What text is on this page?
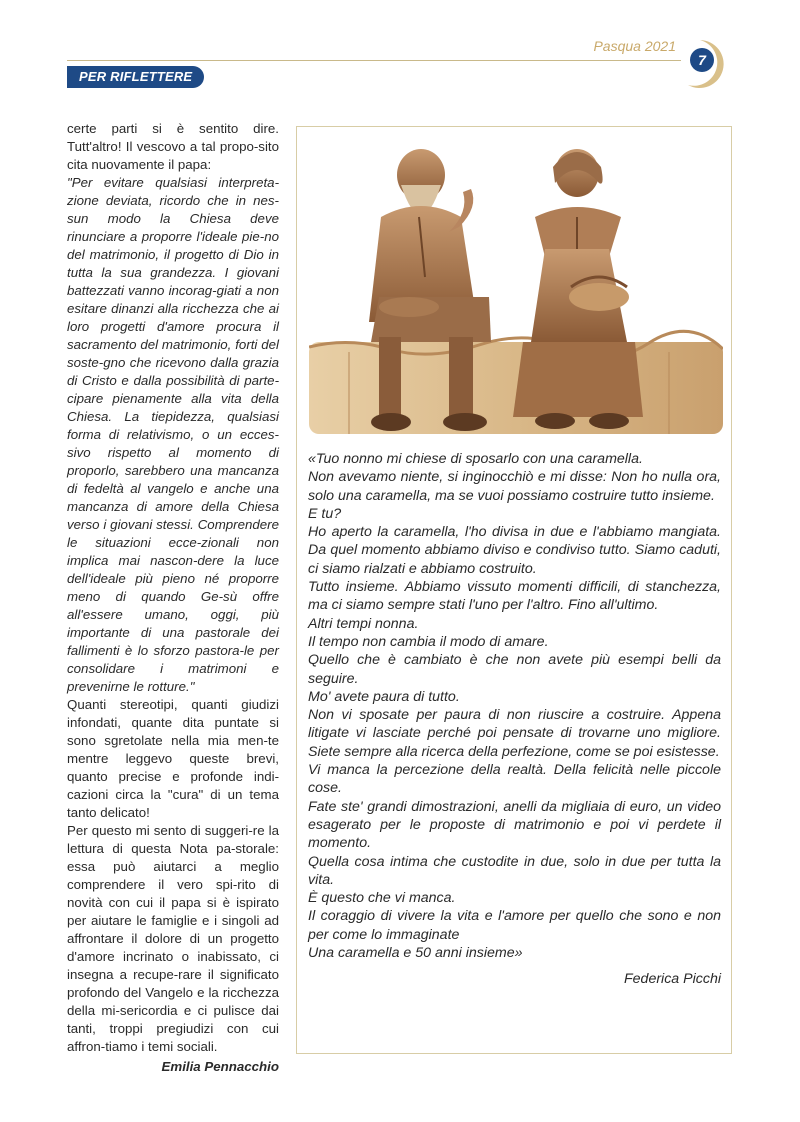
Pasqua 2021
7
PER RIFLETTERE

certe parti si è sentito dire. Tutt'altro! Il vescovo a tal propo-sito cita nuovamente il papa:

"Per evitare qualsiasi interpreta-zione deviata, ricordo che in nes-sun modo la Chiesa deve rinunciare a proporre l'ideale pie-no del matrimonio, il progetto di Dio in tutta la sua grandezza. I giovani battezzati vanno incorag-giati a non esitare dinanzi alla ricchezza che ai loro progetti d'amore procura il sacramento del matrimonio, forti del soste-gno che ricevono dalla grazia di Cristo e dalla possibilità di parte-cipare pienamente alla vita della Chiesa. La tiepidezza, qualsiasi forma di relativismo, o un ecces-sivo rispetto al momento di proporlo, sarebbero una mancanza di fedeltà al vangelo e anche una mancanza di amore della Chiesa verso i giovani stessi. Comprendere le situazioni ecce-zionali non implica mai nascon-dere la luce dell'ideale più pieno né proporre meno di quando Ge-sù offre all'essere umano, oggi, più importante di una pastorale dei fallimenti è lo sforzo pastora-le per consolidare i matrimoni e prevenirne le rotture."

Quanti stereotipi, quanti giudizi infondati, quante dita puntate si sono sgretolate nella mia men-te mentre leggevo queste brevi, quanto precise e profonde indi-cazioni circa la "cura" di un tema tanto delicato!

Per questo mi sento di suggeri-re la lettura di questa Nota pa-storale: essa può aiutarci a meglio comprendere il vero spi-rito di novità con cui il papa si è ispirato per aiutare le famiglie e i singoli ad affrontare il dolore di un progetto d'amore incrinato o inabissato, ci insegna a recupe-rare il significato profondo del Vangelo e la ricchezza della mi-sericordia e ci pulisce dai tanti, troppi pregiudizi con cui affron-tiamo i temi sociali.

Emilia Pennacchio

«Tuo nonno mi chiese di sposarlo con una caramella.

Non avevamo niente, si inginocchiò e mi disse: Non ho nulla ora, solo una caramella, ma se vuoi possiamo costruire tutto insieme.

E tu?

Ho aperto la caramella, l'ho divisa in due e l'abbiamo mangiata. Da quel momento abbiamo diviso e condiviso tutto. Siamo caduti, ci siamo rialzati e abbiamo costruito.

Tutto insieme. Abbiamo vissuto momenti difficili, di stanchezza, ma ci siamo sempre stati l'uno per l'altro. Fino all'ultimo.

Altri tempi nonna.

Il tempo non cambia il modo di amare.

Quello che è cambiato è che non avete più esempi belli da seguire.

Mo' avete paura di tutto.

Non vi sposate per paura di non riuscire a costruire. Appena litigate vi lasciate perché poi pensate di trovarne uno migliore. Siete sempre alla ricerca della perfezione, come se poi esistesse.

Vi manca la percezione della realtà. Della felicità nelle piccole cose.

Fate ste' grandi dimostrazioni, anelli da migliaia di euro, un video esagerato per le proposte di matrimonio e poi vi perdete il momento.

Quella cosa intima che custodite in due, solo in due per tutta la vita.

È questo che vi manca.

Il coraggio di vivere la vita e l'amore per quello che sono e non per come lo immaginate

Una caramella e 50 anni insieme»

Federica Picchi
